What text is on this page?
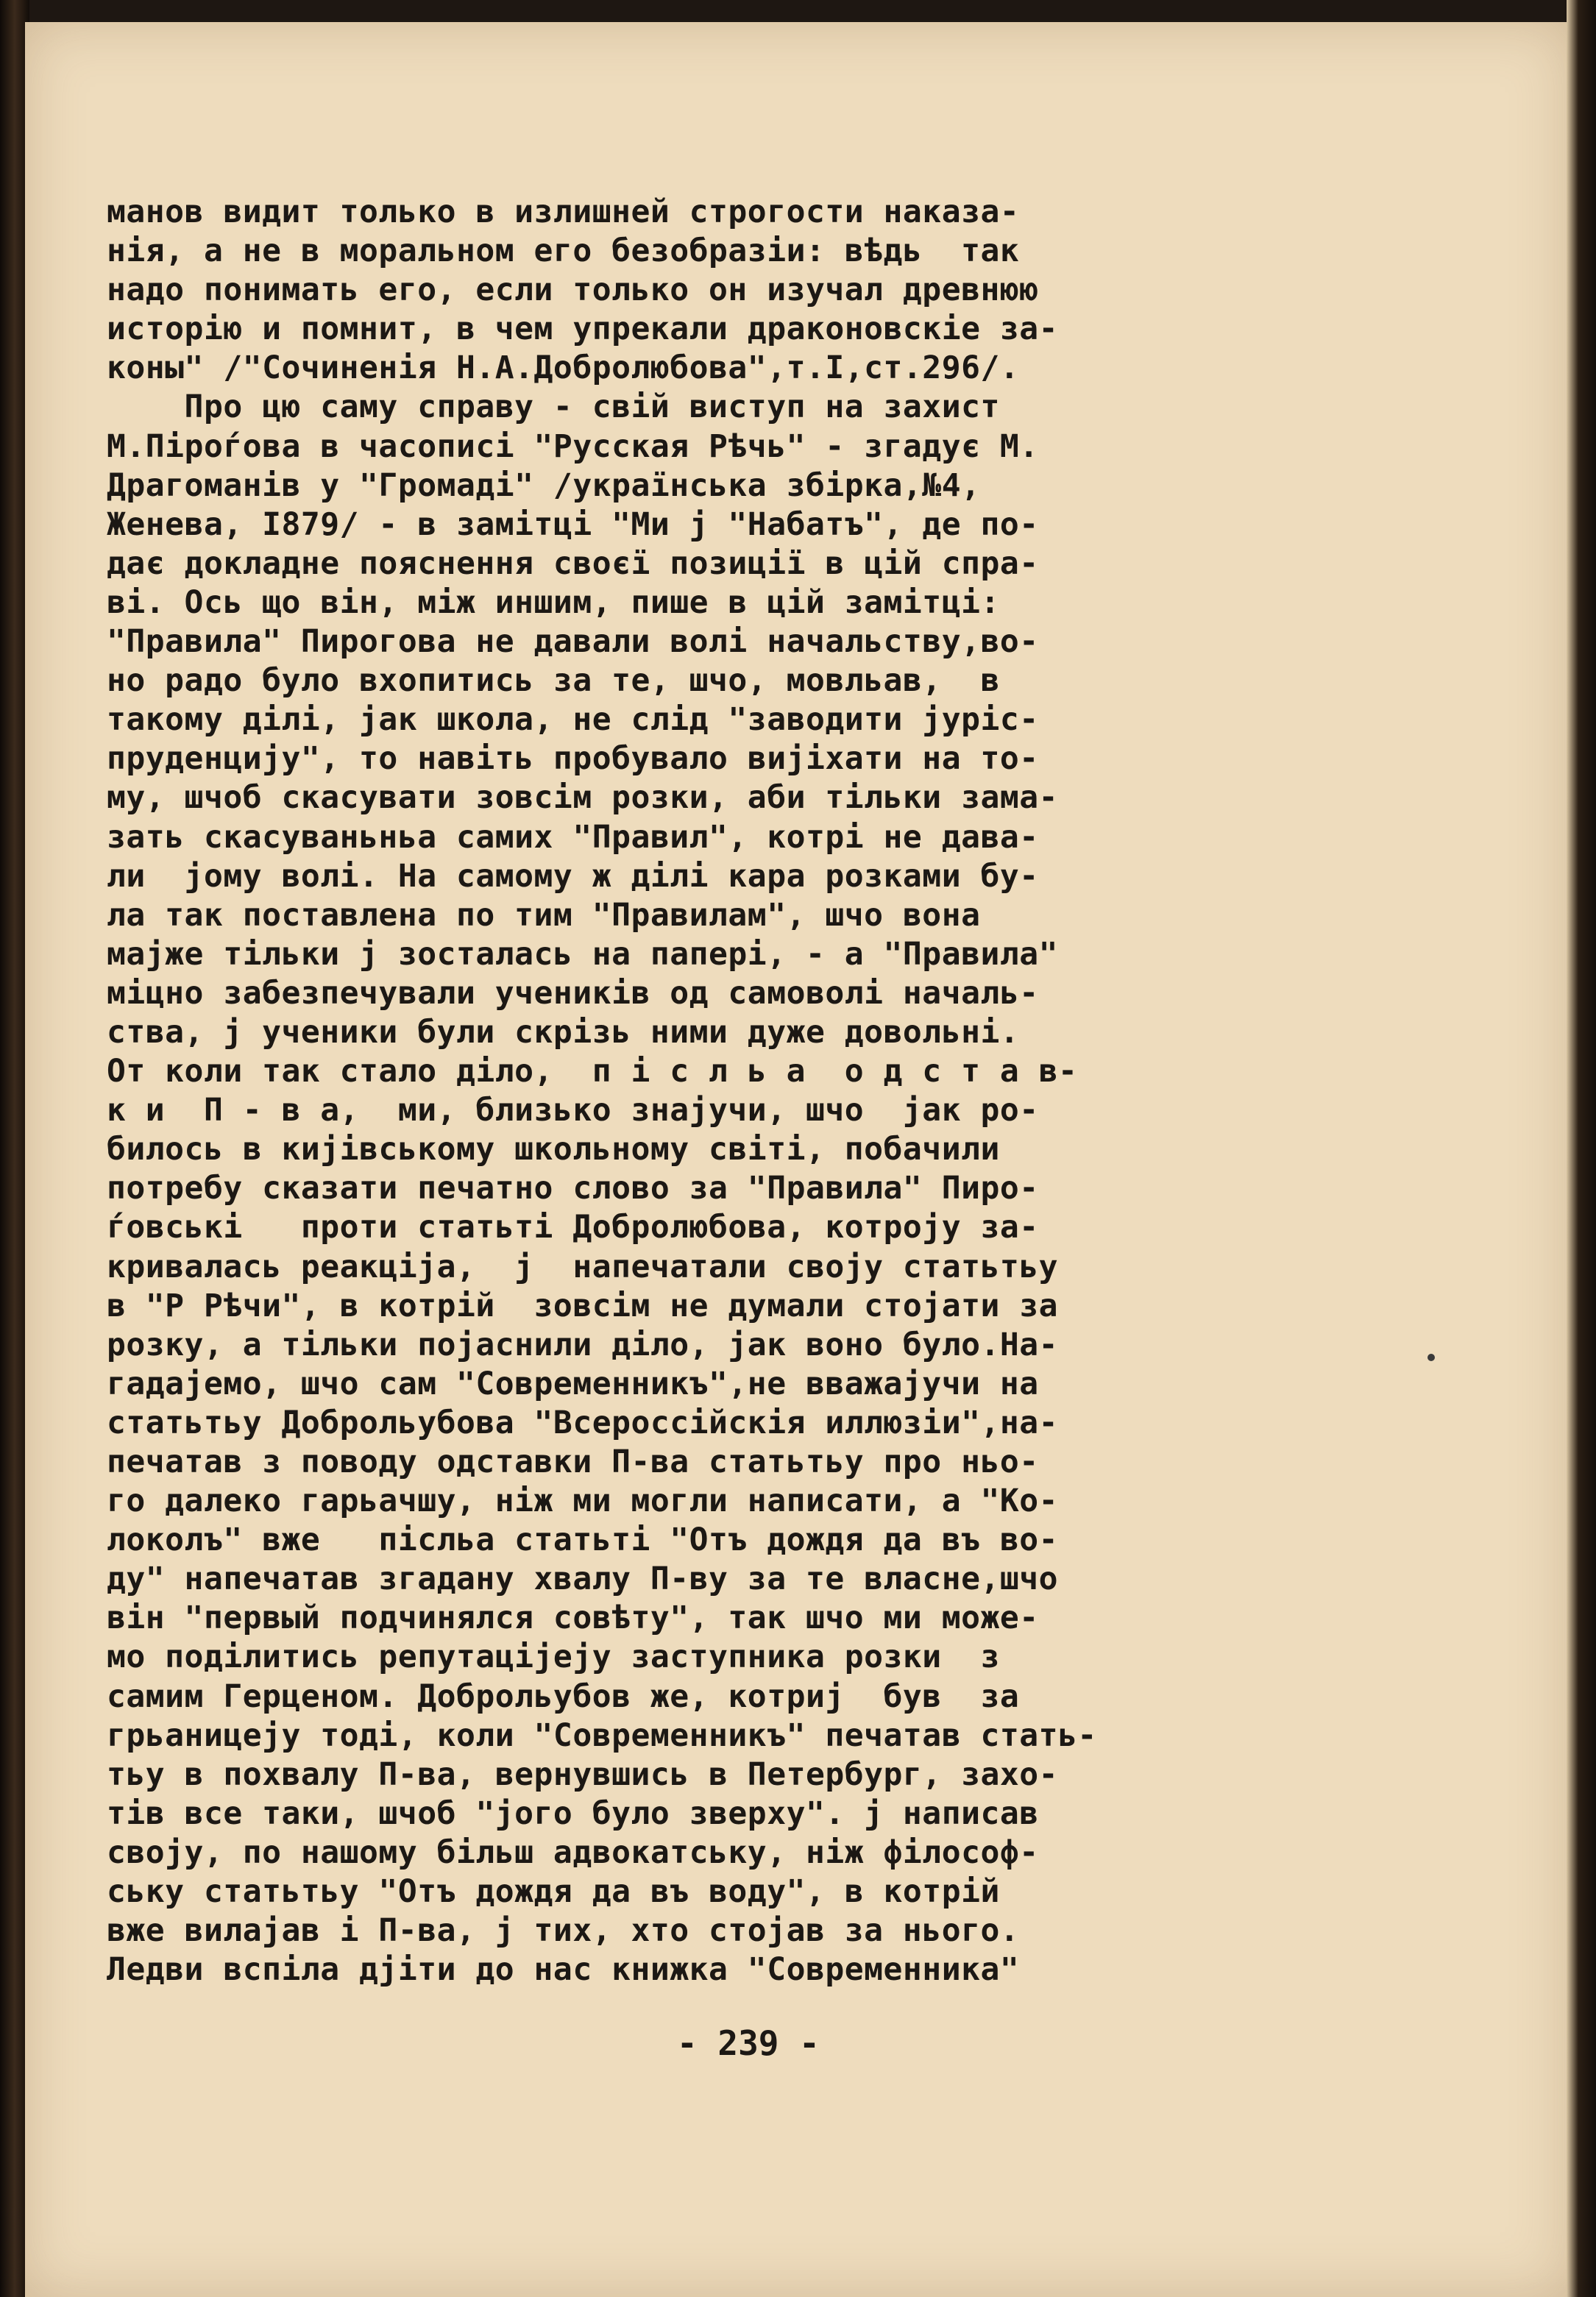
манов видит только в излишней строгости наказа-
нія, а не в моральном его безобразіи: вѣдь  так
надо понимать его, если только он изучал древнюю
исторію и помнит, в чем упрекали драконовскіе за-
коны" /"Сочиненія Н.А.Добролюбова",т.I,ст.296/.
Про цю саму справу - свій виступ на захист
М.Піроѓова в часописі "Русская Рѣчь" - згадує М.
Драгоманів у "Громаді" /українська збірка,№4,
Женева, I879/ - в замітці "Ми ј "Набатъ", де по-
дає докладне пояснення своєї позиції в цій спра-
ві. Ось що він, між иншим, пише в цій замітці:
"Правила" Пирогова не давали волі начальству,во-
но радо було вхопитись за те, шчо, мовльав,  в
такому ділі, јак школа, не слід "заводити јуріс-
пруденцију", то навіть пробувало вијіхати на то-
му, шчоб скасувати зовсім розки, аби тільки зама-
зать скасуваньньа самих "Правил", котрі не дава-
ли  јому волі. На самому ж ділі кара розками бу-
ла так поставлена по тим "Правилам", шчо вона
мајже тільки ј зосталась на папері, - а "Правила"
міцно забезпечували учеників од самоволі началь-
ства, ј ученики були скрізь ними дуже довольні.
От коли так стало діло,  п і с л ь а  о д с т а в-
к и  П - в а,  ми, близько знајучи, шчо  јак ро-
билось в кијівському школьному світі, побачили
потребу сказати печатно слово за "Правила" Пиро-
ѓовські   проти статьті Добролюбова, котроју за-
кривалась реакціја,  ј  напечатали своју статьтьу
в "Р Рѣчи", в котрій  зовсім не думали стојати за
розку, а тільки појаснили діло, јак воно було.На-
гадајемо, шчо сам "Современникъ",не вважајучи на
статьтьу Доброльубова "Всероссійскія иллюзіи",на-
печатав з поводу одставки П-ва статьтьу про ньо-
го далеко гарьачшу, ніж ми могли написати, а "Ко-
локолъ" вже   післьа статьті "Отъ дождя да въ во-
ду" напечатав згадану хвалу П-ву за те власне,шчо
він "первый подчинялся совѣту", так шчо ми може-
мо поділитись репутаціјеју заступника розки  з
самим Герценом. Доброльубов же, котриј  був  за
грьаницеју тоді, коли "Современникъ" печатав стать-
тьу в похвалу П-ва, вернувшись в Петербург, захо-
тів все таки, шчоб "јого було зверху". ј написав
своју, по нашому більш адвокатську, ніж філософ-
ську статьтьу "Отъ дождя да въ воду", в котрій
вже вилајав і П-ва, ј тих, хто стојав за ньoго.
Ледви вспіла дјіти до нас книжка "Современника"
- 239 -
